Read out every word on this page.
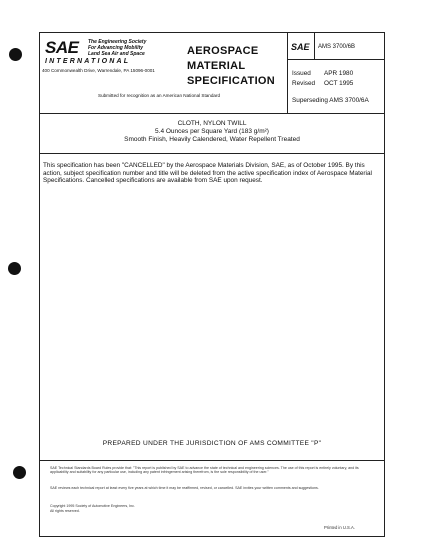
SAE The Engineering Society
For Advancing Mobility
Land Sea Air and Space
INTERNATIONAL
400 Commonwealth Drive, Warrendale, PA 15096-0001
AEROSPACE
MATERIAL
SPECIFICATION
SAE AMS 3700/6B
Issued APR 1980
Revised OCT 1995
Superseding AMS 3700/6A
Submitted for recognition as an American National Standard
CLOTH, NYLON TWILL
5.4 Ounces per Square Yard (183 g/m²)
Smooth Finish, Heavily Calendered, Water Repellent Treated
This specification has been "CANCELLED" by the Aerospace Materials Division, SAE, as of October 1995. By this action, subject specification number and title will be deleted from the active specification index of Aerospace Material Specifications. Cancelled specifications are available from SAE upon request.
PREPARED UNDER THE JURISDICTION OF AMS COMMITTEE "P"
SAE Technical Standards Board Rules provide that: "This report is published by SAE to advance the state of technical and engineering sciences. The use of this report is entirely voluntary, and its applicability and suitability for any particular use, including any patent infringement arising therefrom, is the sole responsibility of the user."
SAE reviews each technical report at least every five years at which time it may be reaffirmed, revised, or cancelled. SAE invites your written comments and suggestions.
Copyright 1995 Society of Automotive Engineers, Inc.
All rights reserved.
Printed in U.S.A.
